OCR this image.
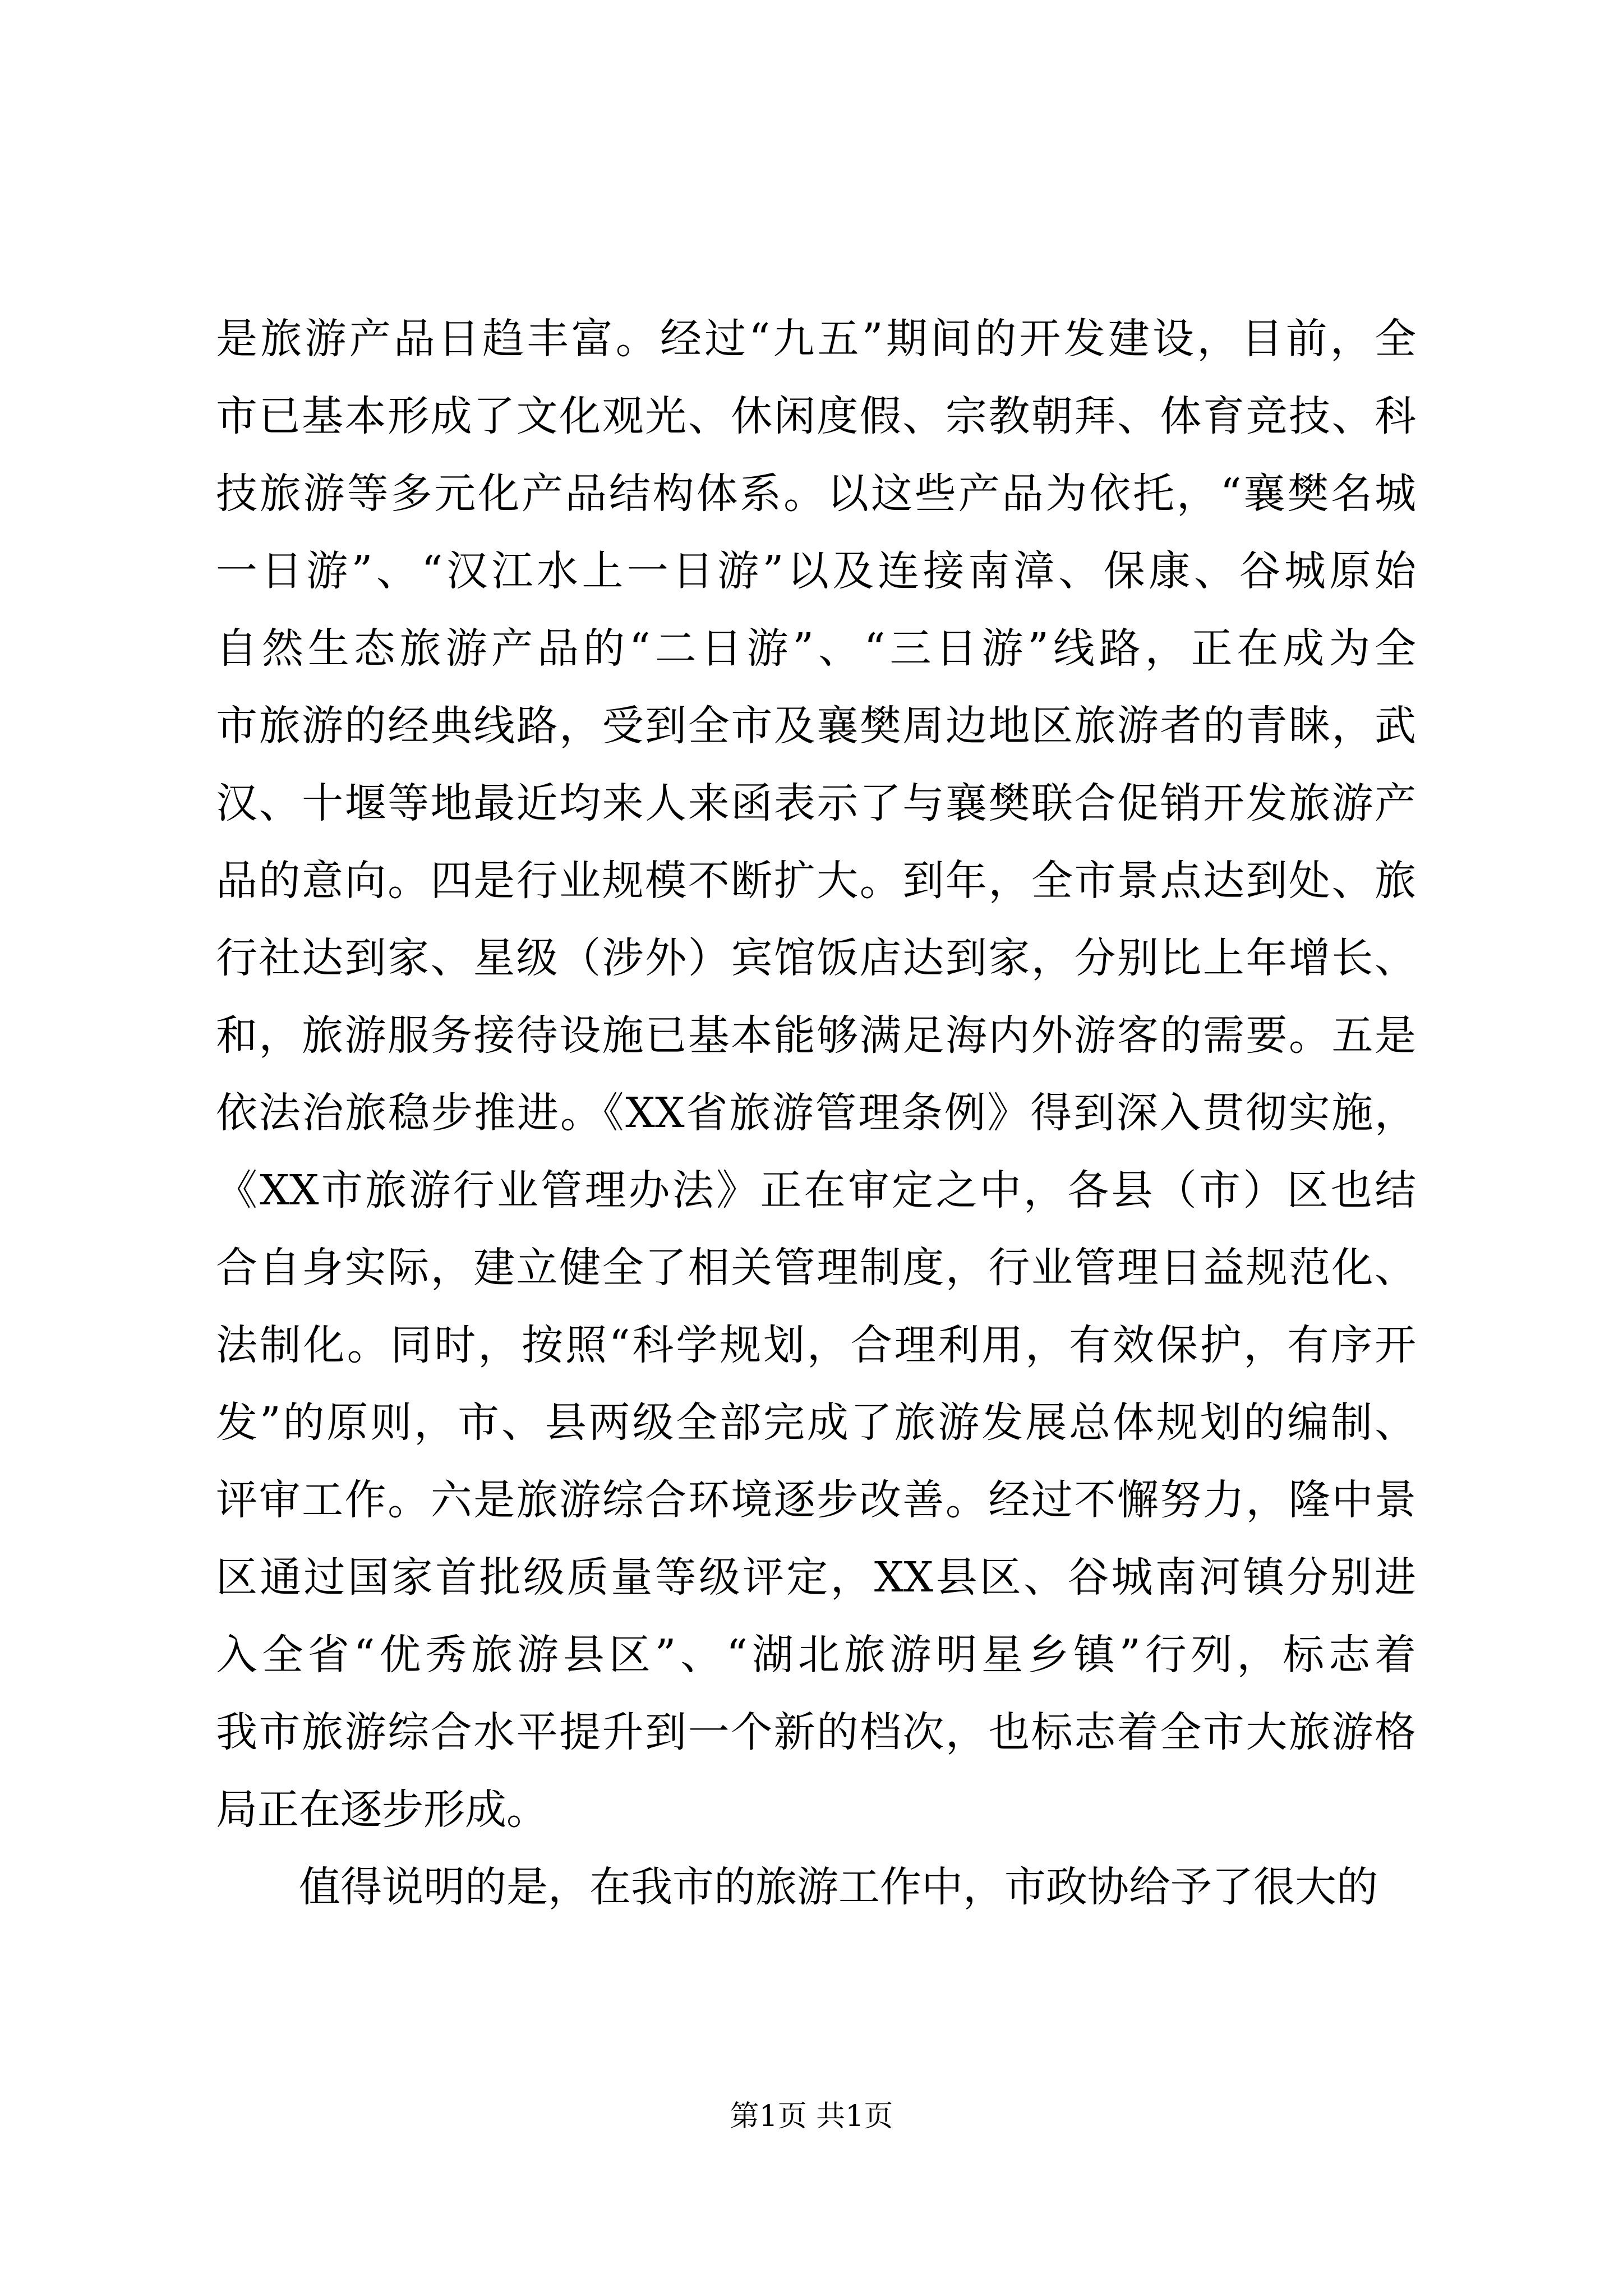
是旅游产品日趋丰富。经过“九五”期间的开发建设，目前，全
市已基本形成了文化观光、休闲度假、宗教朝拜、体育竞技、科
技旅游等多元化产品结构体系。以这些产品为依托，“襄樊名城
一日游”、“汉江水上一日游”以及连接南漳、保康、谷城原始
自然生态旅游产品的“二日游”、“三日游”线路，正在成为全
市旅游的经典线路，受到全市及襄樊周边地区旅游者的青睐，武
汉、十堰等地最近均来人来函表示了与襄樊联合促销开发旅游产
品的意向。四是行业规模不断扩大。到年，全市景点达到处、旅
行社达到家、星级（涉外）宾馆饭店达到家，分别比上年增长、
和，旅游服务接待设施已基本能够满足海内外游客的需要。五是
依法治旅稳步推进。《XX省旅游管理条例》得到深入贯彻实施，
《XX市旅游行业管理办法》正在审定之中，各县（市）区也结
合自身实际，建立健全了相关管理制度，行业管理日益规范化、
法制化。同时，按照“科学规划，合理利用，有效保护，有序开
发”的原则，市、县两级全部完成了旅游发展总体规划的编制、
评审工作。六是旅游综合环境逐步改善。经过不懈努力，隆中景
区通过国家首批级质量等级评定，XX县区、谷城南河镇分别进
入全省“优秀旅游县区”、“湖北旅游明星乡镇”行列，标志着
我市旅游综合水平提升到一个新的档次，也标志着全市大旅游格
局正在逐步形成。
值得说明的是，在我市的旅游工作中，市政协给予了很大的
第1页 共1页
